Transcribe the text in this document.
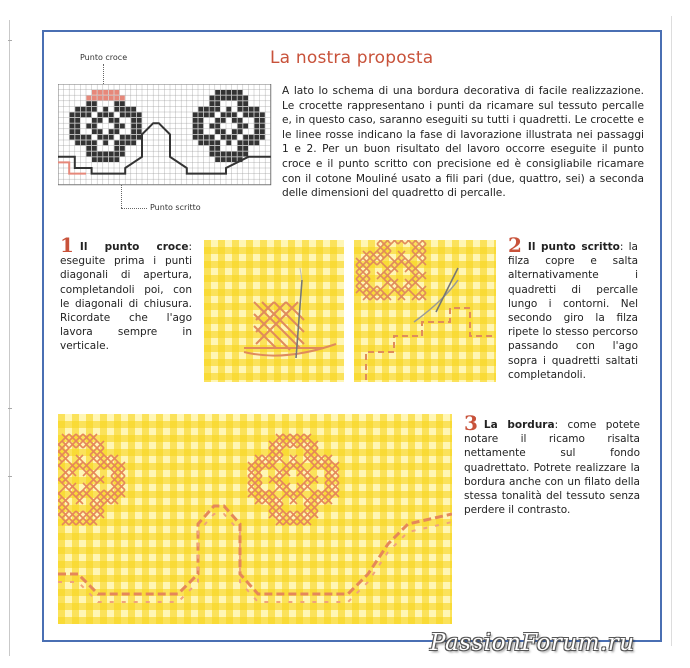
Punto croce
Punto scritto
La nostra proposta

A lato lo schema di una bordura decorativa di facile realizzazione. Le crocette rappresentano i punti da ricamare sul tessuto percalle e, in questo caso, saranno eseguiti su tutti i quadretti. Le crocette e le linee rosse indicano la fase di lavorazione illustrata nei passaggi 1 e 2. Per un buon risultato del lavoro occorre eseguite il punto croce e il punto scritto con precisione ed è consigliabile ricamare con il cotone Mouliné usato a fili pari (due, quattro, sei) a seconda delle dimensioni del quadretto di percalle.

1 Il punto croce: eseguite prima i punti diagonali di apertura, completandoli poi, con le diagonali di chiusura. Ricordate che l'ago lavora sempre in verticale.

2 Il punto scritto: la filza copre e salta alternativamente i quadretti di percalle lungo i contorni. Nel secondo giro la filza ripete lo stesso percorso passando con l'ago sopra i quadretti saltati completandoli.

3 La bordura: come potete notare il ricamo risalta nettamente sul fondo quadrettato. Potrete realizzare la bordura anche con un filato della stessa tonalità del tessuto senza perdere il contrasto.

PassionForum.ru
